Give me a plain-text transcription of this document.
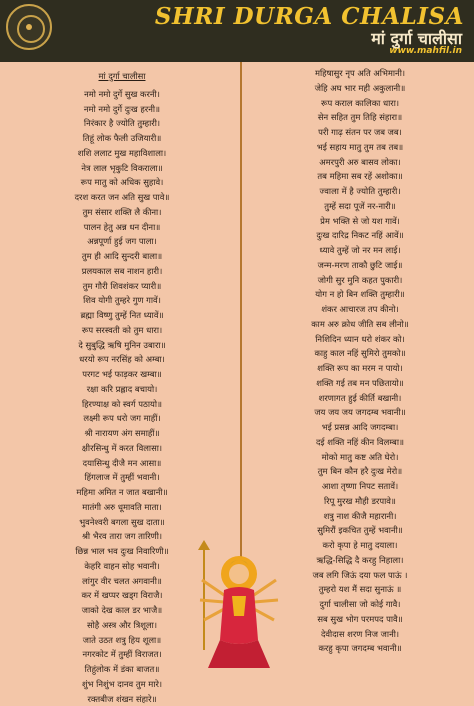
SHRI DURGA CHALISA
मां दुर्गा चालीसा
www.mahfil.in
मां दुर्गा चालीसा
नमो नमो दुर्गे सुख करनी।
नमो नमो दुर्गे दुःख हरनी॥
निरंकार है ज्योति तुम्हारी।
तिहूं लोक फैली उजियारी॥
शशि ललाट मुख महाविशाला।
नेत्र लाल भृकुटि विकराला॥
रूप मातु को अधिक सुहावे।
दरश करत जन अति सुख पावे॥
तुम संसार शक्ति लै कीना।
पालन हेतु अन्न धन दीना॥
अन्नपूर्णा हुई जग पाला।
तुम ही आदि सुन्दरी बाला॥
प्रलयकाल सब नाशन हारी।
तुम गौरी शिवशंकर प्यारी॥
शिव योगी तुम्हरे गुण गावें।
ब्रह्मा विष्णु तुम्हें नित ध्यावें॥
रूप सरस्वती को तुम धारा।
दे सुबुद्धि ऋषि मुनिन उबारा॥
धरयो रूप नरसिंह को अम्बा।
परगट भई फाड़कर खम्बा॥
रक्षा करि प्रह्लाद बचायो।
हिरण्याक्ष को स्वर्ग पठायो॥
लक्ष्मी रूप धरो जग माहीं।
श्री नारायण अंग समाहीं॥
क्षीरसिन्धु में करत विलासा।
दयासिन्धु दीजै मन आसा॥
हिंगलाज में तुम्हीं भवानी।
महिमा अमित न जात बखानी॥
मातंगी अरु धूमावति माता।
भुवनेश्वरी बगला सुख दाता॥
श्री भैरव तारा जग तारिणी।
छिन्न भाल भव दुःख निवारिणी॥
केहरि वाहन सोह भवानी।
लांगुर वीर चलत अगवानी॥
कर में खप्पर खड्ग विराजै।
जाको देख काल डर भाजै॥
सोहै अस्त्र और त्रिशूला।
जाते उठत शत्रु हिय शूला॥
नगरकोट में तुम्हीं विराजत।
तिहुंलोक में डंका बाजत॥
शुंभ निशुंभ दानव तुम मारे।
रक्तबीज शंखन संहारे॥
महिषासुर नृप अति अभिमानी।
जेहि अघ भार मही अकुलानी॥
रूप कराल कालिका धारा।
सेन सहित तुम तिहि संहारा॥
परी गाढ़ संतन पर जब जब।
भई सहाय मातु तुम तब तब॥
अमरपुरी अरु बासव लोका।
तब महिमा सब रहें अशोका॥
ज्वाला में है ज्योति तुम्हारी।
तुम्हें सदा पूजें नर-नारी॥
प्रेम भक्ति से जो यश गावें।
दुःख दारिद्र निकट नहिं आवें॥
ध्यावे तुम्हें जो नर मन लाई।
जन्म-मरण ताकौ छुटि जाई॥
जोगी सुर मुनि कहत पुकारी।
योग न हो बिन शक्ति तुम्हारी॥
शंकर आचारज तप कीनो।
काम अरु क्रोध जीति सब लीनो॥
निशिदिन ध्यान धरो शंकर को।
काहु काल नहिं सुमिरो तुमको॥
शक्ति रूप का मरम न पायो।
शक्ति गई तब मन पछितायो॥
शरणागत हुई कीर्ति बखानी।
जय जय जय जगदम्ब भवानी॥
भई प्रसन्न आदि जगदम्बा।
दई शक्ति नहिं कीन विलम्बा॥
मोको मातु कष्ट अति घेरो।
तुम बिन कौन हरै दुःख मेरो॥
आशा तृष्णा निपट सतावें।
रिपू मुरख मौही डरपावे॥
शत्रु नाश कीजै महारानी।
सुमिरौं इकचित तुम्हें भवानी॥
करो कृपा हे मातु दयाला।
ऋद्धि-सिद्धि दै करहु निहाला।
जब लगि जिऊं दया फल पाऊं ।
तुम्हरो यश मैं सदा सुनाऊं ॥
दुर्गा चालीसा जो कोई गावै।
सब सुख भोग परमपद पावै॥
देवीदास शरण निज जानी।
करहु कृपा जगदम्ब भवानी॥
